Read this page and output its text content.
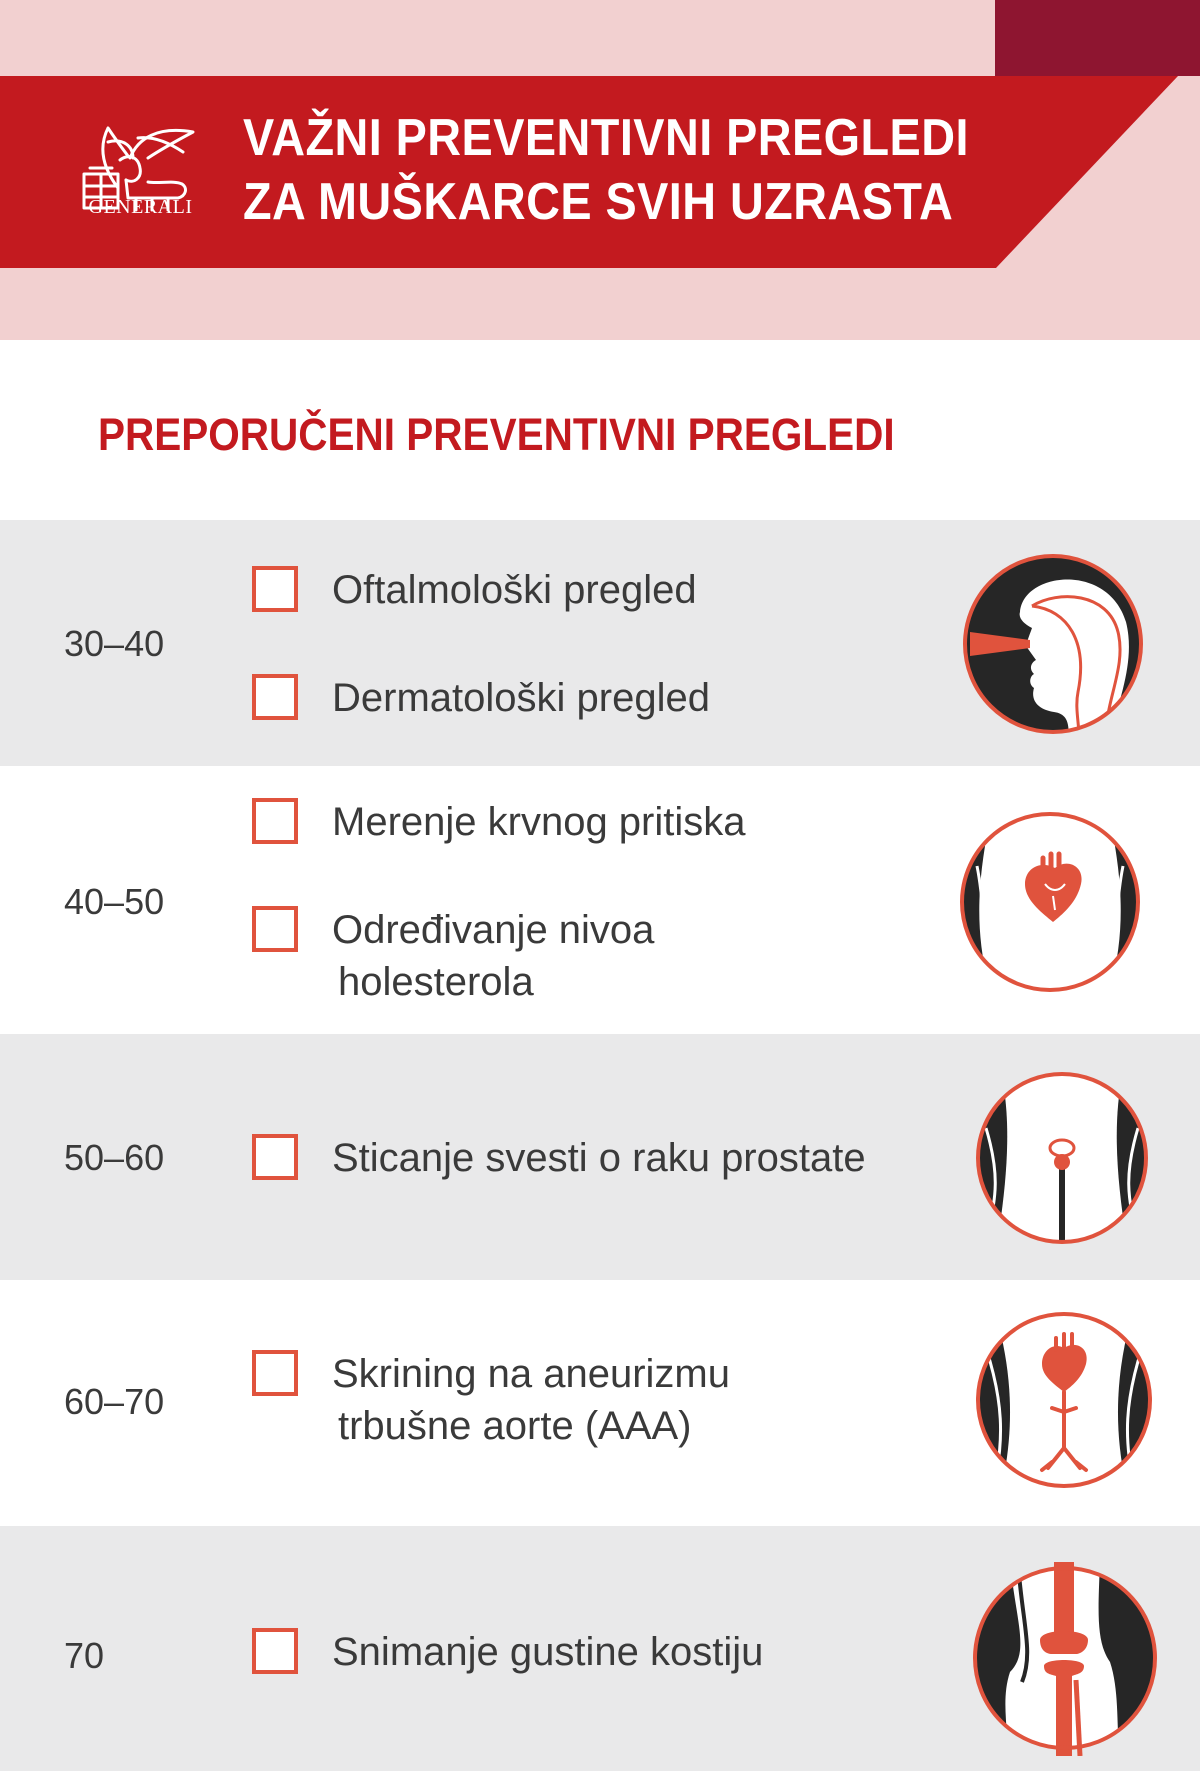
GENERALI
VAŽNI PREVENTIVNI PREGLEDI
ZA MUŠKARCE SVIH UZRASTA
PREPORUČENI PREVENTIVNI PREGLEDI
30–40
Oftalmološki pregled
Dermatološki pregled
40–50
Merenje krvnog pritiska
Određivanje nivoa
holesterola
50–60	Sticanje svesti o raku prostate
60–70
Skrining na aneurizmu
trbušne aorte (AAA)
70	Snimanje gustine kostiju
